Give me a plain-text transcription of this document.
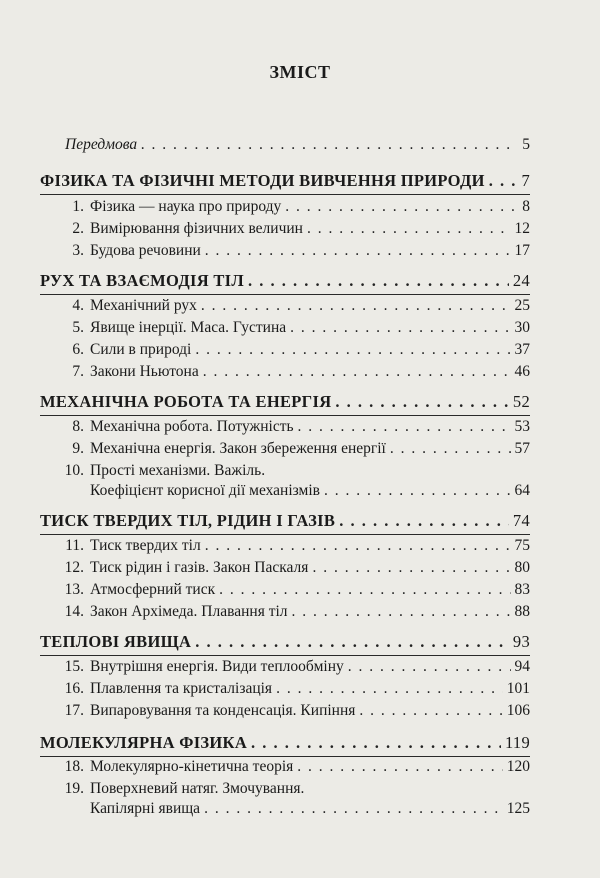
ЗМІСТ
Передмова . . .	5
ФІЗИКА ТА ФІЗИЧНІ МЕТОДИ ВИВЧЕННЯ ПРИРОДИ . . . 7
1. Фізика — наука про природу . . .	8
2. Вимірювання фізичних величин . . .	12
3. Будова речовини . . .	17
РУХ ТА ВЗАЄМОДІЯ ТІЛ . . .	24
4. Механічний рух . . .	25
5. Явище інерції. Маса. Густина . . .	30
6. Сили в природі . . .	37
7. Закони Ньютона . . .	46
МЕХАНІЧНА РОБОТА ТА ЕНЕРГІЯ . . .	52
8. Механічна робота. Потужність . . .	53
9. Механічна енергія. Закон збереження енергії . . .	57
10. Прості механізми. Важіль.
Коефіцієнт корисної дії механізмів . . .	64
ТИСК ТВЕРДИХ ТІЛ, РІДИН І ГАЗІВ . . .	74
11. Тиск твердих тіл . . .	75
12. Тиск рідин і газів. Закон Паскаля . . .	80
13. Атмосферний тиск . . .	83
14. Закон Архімеда. Плавання тіл . . .	88
ТЕПЛОВІ ЯВИЩА . . .	93
15. Внутрішня енергія. Види теплообміну . . .	94
16. Плавлення та кристалізація . . .	101
17. Випаровування та конденсація. Кипіння . . .	106
МОЛЕКУЛЯРНА ФІЗИКА . . .	119
18. Молекулярно-кінетична теорія . . .	120
19. Поверхневий натяг. Змочування.
Капілярні явища . . .	125
